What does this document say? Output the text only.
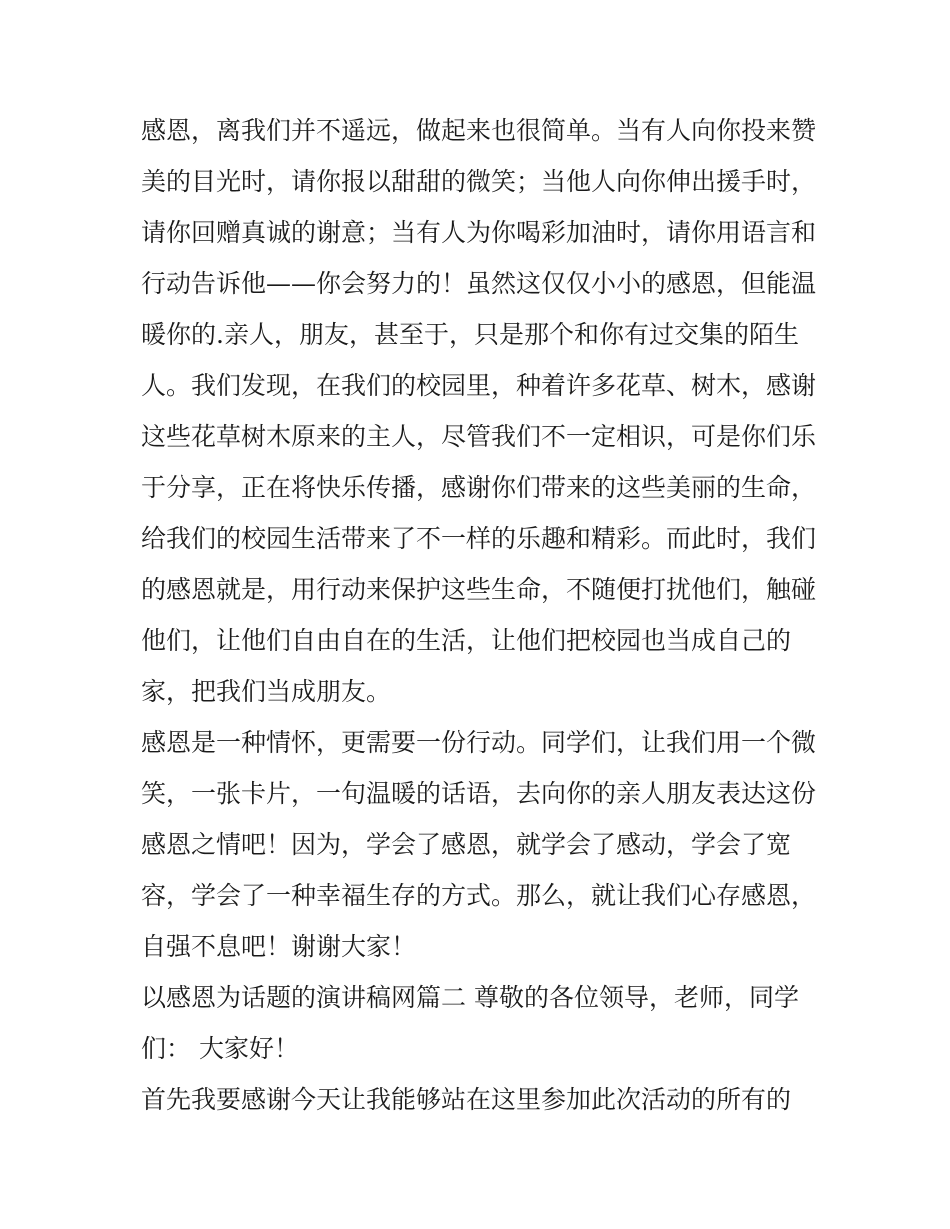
感恩，离我们并不遥远，做起来也很简单。当有人向你投来赞
美的目光时，请你报以甜甜的微笑；当他人向你伸出援手时，
请你回赠真诚的谢意；当有人为你喝彩加油时，请你用语言和
行动告诉他——你会努力的！虽然这仅仅小小的感恩，但能温
暖你的.亲人，朋友，甚至于，只是那个和你有过交集的陌生
人。我们发现，在我们的校园里，种着许多花草、树木，感谢
这些花草树木原来的主人，尽管我们不一定相识，可是你们乐
于分享，正在将快乐传播，感谢你们带来的这些美丽的生命，
给我们的校园生活带来了不一样的乐趣和精彩。而此时，我们
的感恩就是，用行动来保护这些生命，不随便打扰他们，触碰
他们，让他们自由自在的生活，让他们把校园也当成自己的
家，把我们当成朋友。
感恩是一种情怀，更需要一份行动。同学们，让我们用一个微
笑，一张卡片，一句温暖的话语，去向你的亲人朋友表达这份
感恩之情吧！因为，学会了感恩，就学会了感动，学会了宽
容，学会了一种幸福生存的方式。那么，就让我们心存感恩，
自强不息吧！谢谢大家！
以感恩为话题的演讲稿网篇二 尊敬的各位领导，老师，同学
们： 大家好！
首先我要感谢今天让我能够站在这里参加此次活动的所有的
